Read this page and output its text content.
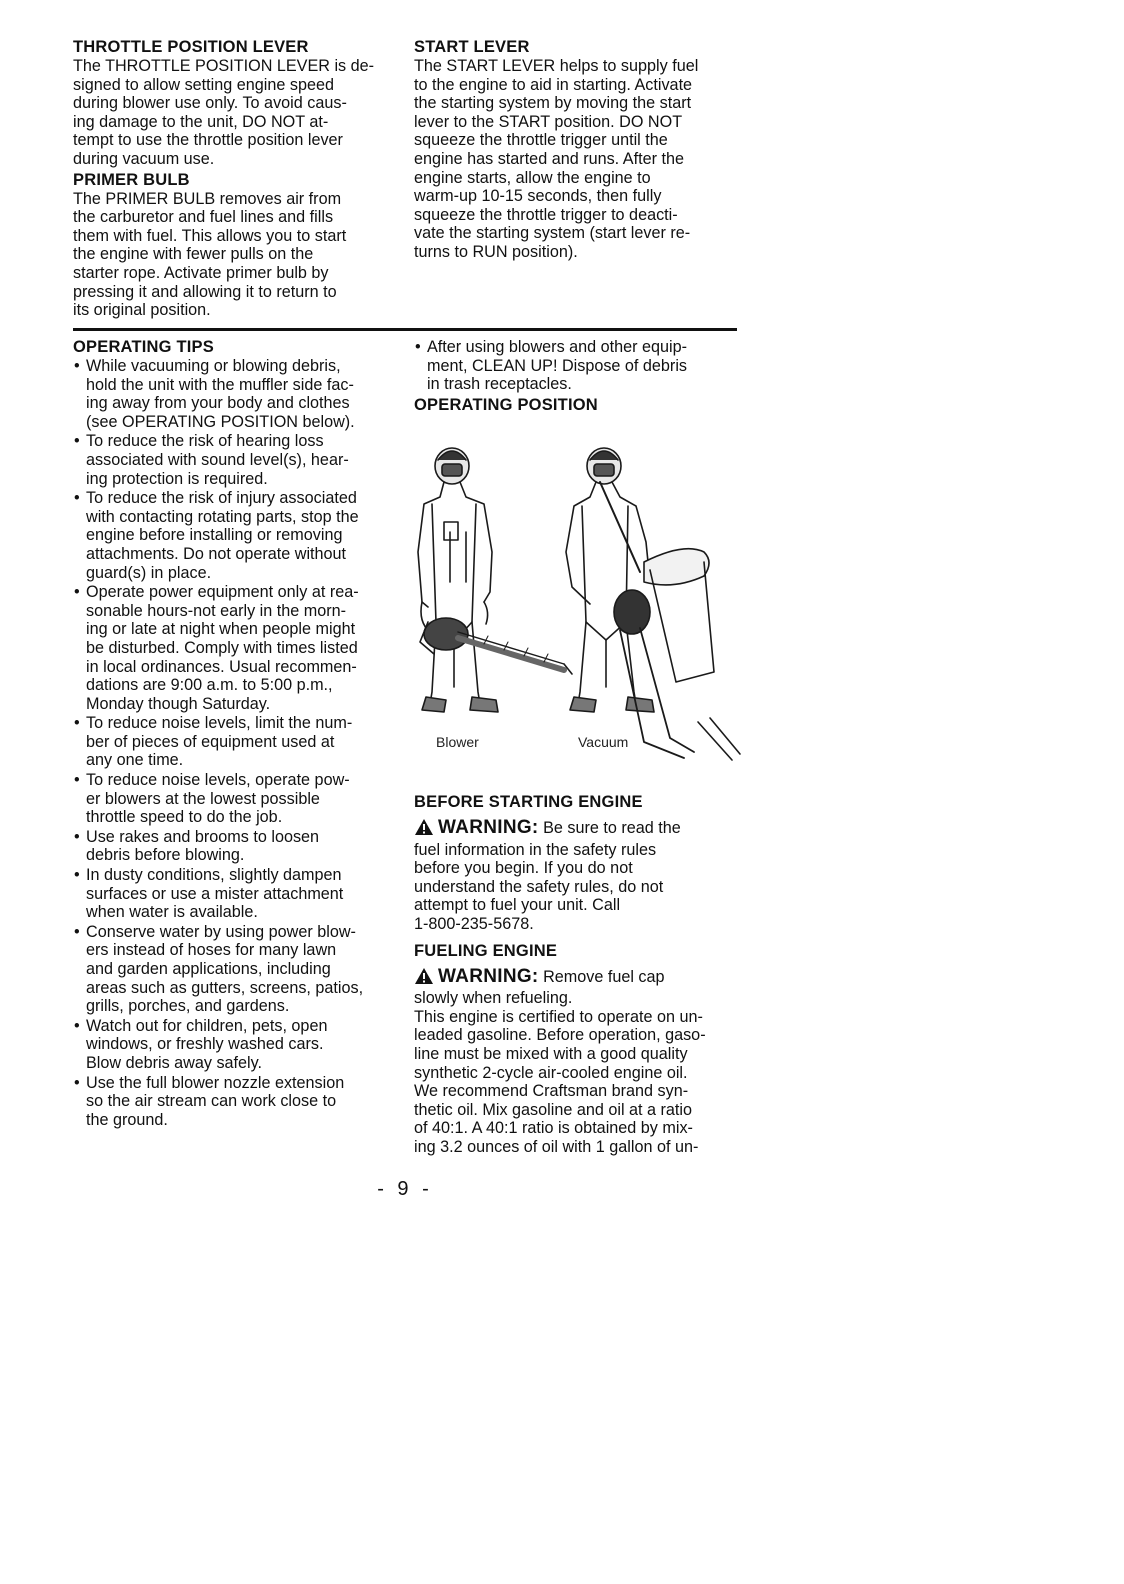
THROTTLE POSITION LEVER

The THROTTLE POSITION LEVER is de-

signed to allow setting engine speed

during blower use only. To avoid caus-

ing damage to the unit, DO NOT at-

tempt to use the throttle position lever

during vacuum use.

PRIMER BULB

The PRIMER BULB removes air from

the carburetor and fuel lines and fills

them with fuel. This allows you to start

the engine with fewer pulls on the

starter rope. Activate primer bulb by

pressing it and allowing it to return to

its original position.

START LEVER

The START LEVER helps to supply fuel

to the engine to aid in starting. Activate

the starting system by moving the start

lever to the START position. DO NOT

squeeze the throttle trigger until the

engine has started and runs. After the

engine starts, allow the engine to

warm-up 10-15 seconds, then fully

squeeze the throttle trigger to deacti-

vate the starting system (start lever re-

turns to RUN position).

OPERATING TIPS
• While vacuuming or blowing debris,

hold the unit with the muffler side fac-

ing away from your body and clothes

(see OPERATING POSITION below).

• To reduce the risk of hearing loss

associated with sound level(s), hear-

ing protection is required.

• To reduce the risk of injury associated

with contacting rotating parts, stop the

engine before installing or removing

attachments. Do not operate without

guard(s) in place.

• Operate power equipment only at rea-

sonable hours-not early in the morn-

ing or late at night when people might

be disturbed. Comply with times listed

in local ordinances. Usual recommen-

dations are 9:00 a.m. to 5:00 p.m.,

Monday though Saturday.

• To reduce noise levels, limit the num-

ber of pieces of equipment used at

any one time.

• To reduce noise levels, operate pow-

er blowers at the lowest possible

throttle speed to do the job.

• Use rakes and brooms to loosen

debris before blowing.

• In dusty conditions, slightly dampen

surfaces or use a mister attachment

when water is available.

• Conserve water by using power blow-

ers instead of hoses for many lawn

and garden applications, including

areas such as gutters, screens, patios,

grills, porches, and gardens.

• Watch out for children, pets, open

windows, or freshly washed cars.

Blow debris away safely.

• Use the full blower nozzle extension

so the air stream can work close to

the ground.

• After using blowers and other equip-

ment, CLEAN UP! Dispose of debris

in trash receptacles.

OPERATING POSITION
Blower	Vacuum
BEFORE STARTING ENGINE

WARNING: Be sure to read the

fuel information in the safety rules

before you begin. If you do not

understand the safety rules, do not

attempt to fuel your unit. Call

1-800-235-5678.

FUELING ENGINE

WARNING: Remove fuel cap

slowly when refueling.

This engine is certified to operate on un-

leaded gasoline. Before operation, gaso-

line must be mixed with a good quality

synthetic 2-cycle air-cooled engine oil.

We recommend Craftsman brand syn-

thetic oil. Mix gasoline and oil at a ratio

of 40:1. A 40:1 ratio is obtained by mix-

ing 3.2 ounces of oil with 1 gallon of un-

- 9 -
